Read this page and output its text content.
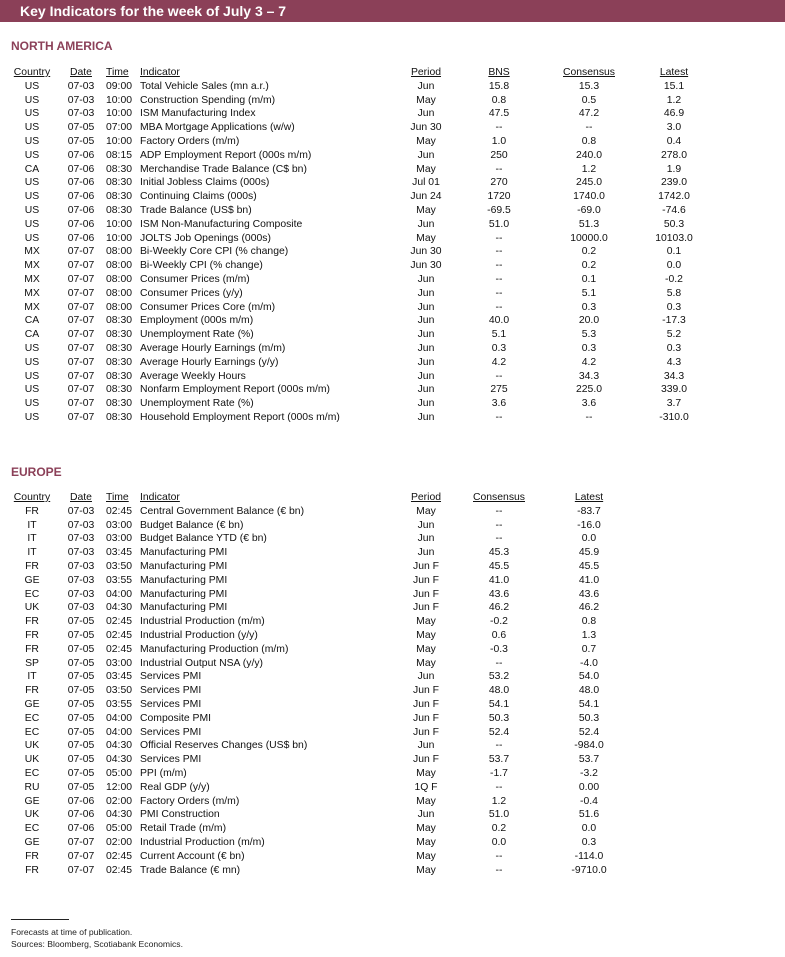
Key Indicators for the week of July 3 – 7
NORTH AMERICA
Country	Date	Time	Indicator	Period	BNS	Consensus	Latest
US	07-03	09:00	Total Vehicle Sales (mn a.r.)	Jun	15.8	15.3	15.1
US	07-03	10:00	Construction Spending (m/m)	May	0.8	0.5	1.2
US	07-03	10:00	ISM Manufacturing Index	Jun	47.5	47.2	46.9
US	07-05	07:00	MBA Mortgage Applications (w/w)	Jun 30	--	--	3.0
US	07-05	10:00	Factory Orders (m/m)	May	1.0	0.8	0.4
US	07-06	08:15	ADP Employment Report (000s m/m)	Jun	250	240.0	278.0
CA	07-06	08:30	Merchandise Trade Balance (C$ bn)	May	--	1.2	1.9
US	07-06	08:30	Initial Jobless Claims (000s)	Jul 01	270	245.0	239.0
US	07-06	08:30	Continuing Claims (000s)	Jun 24	1720	1740.0	1742.0
US	07-06	08:30	Trade Balance (US$ bn)	May	-69.5	-69.0	-74.6
US	07-06	10:00	ISM Non-Manufacturing Composite	Jun	51.0	51.3	50.3
US	07-06	10:00	JOLTS Job Openings (000s)	May	--	10000.0	10103.0
MX	07-07	08:00	Bi-Weekly Core CPI (% change)	Jun 30	--	0.2	0.1
MX	07-07	08:00	Bi-Weekly CPI (% change)	Jun 30	--	0.2	0.0
MX	07-07	08:00	Consumer Prices (m/m)	Jun	--	0.1	-0.2
MX	07-07	08:00	Consumer Prices (y/y)	Jun	--	5.1	5.8
MX	07-07	08:00	Consumer Prices Core (m/m)	Jun	--	0.3	0.3
CA	07-07	08:30	Employment (000s m/m)	Jun	40.0	20.0	-17.3
CA	07-07	08:30	Unemployment Rate (%)	Jun	5.1	5.3	5.2
US	07-07	08:30	Average Hourly Earnings (m/m)	Jun	0.3	0.3	0.3
US	07-07	08:30	Average Hourly Earnings (y/y)	Jun	4.2	4.2	4.3
US	07-07	08:30	Average Weekly Hours	Jun	--	34.3	34.3
US	07-07	08:30	Nonfarm Employment Report (000s m/m)	Jun	275	225.0	339.0
US	07-07	08:30	Unemployment Rate (%)	Jun	3.6	3.6	3.7
US	07-07	08:30	Household Employment Report (000s m/m)	Jun	--	--	-310.0
EUROPE
Country	Date	Time	Indicator	Period	Consensus	Latest
FR	07-03	02:45	Central Government Balance (€ bn)	May	--	-83.7
IT	07-03	03:00	Budget Balance (€ bn)	Jun	--	-16.0
IT	07-03	03:00	Budget Balance YTD (€ bn)	Jun	--	0.0
IT	07-03	03:45	Manufacturing PMI	Jun	45.3	45.9
FR	07-03	03:50	Manufacturing PMI	Jun F	45.5	45.5
GE	07-03	03:55	Manufacturing PMI	Jun F	41.0	41.0
EC	07-03	04:00	Manufacturing PMI	Jun F	43.6	43.6
UK	07-03	04:30	Manufacturing PMI	Jun F	46.2	46.2
FR	07-05	02:45	Industrial Production (m/m)	May	-0.2	0.8
FR	07-05	02:45	Industrial Production (y/y)	May	0.6	1.3
FR	07-05	02:45	Manufacturing Production (m/m)	May	-0.3	0.7
SP	07-05	03:00	Industrial Output NSA (y/y)	May	--	-4.0
IT	07-05	03:45	Services PMI	Jun	53.2	54.0
FR	07-05	03:50	Services PMI	Jun F	48.0	48.0
GE	07-05	03:55	Services PMI	Jun F	54.1	54.1
EC	07-05	04:00	Composite PMI	Jun F	50.3	50.3
EC	07-05	04:00	Services PMI	Jun F	52.4	52.4
UK	07-05	04:30	Official Reserves Changes (US$ bn)	Jun	--	-984.0
UK	07-05	04:30	Services PMI	Jun F	53.7	53.7
EC	07-05	05:00	PPI (m/m)	May	-1.7	-3.2
RU	07-05	12:00	Real GDP (y/y)	1Q F	--	0.00
GE	07-06	02:00	Factory Orders (m/m)	May	1.2	-0.4
UK	07-06	04:30	PMI Construction	Jun	51.0	51.6
EC	07-06	05:00	Retail Trade (m/m)	May	0.2	0.0
GE	07-07	02:00	Industrial Production (m/m)	May	0.0	0.3
FR	07-07	02:45	Current Account (€ bn)	May	--	-114.0
FR	07-07	02:45	Trade Balance (€ mn)	May	--	-9710.0
Forecasts at time of publication.
Sources: Bloomberg, Scotiabank Economics.
